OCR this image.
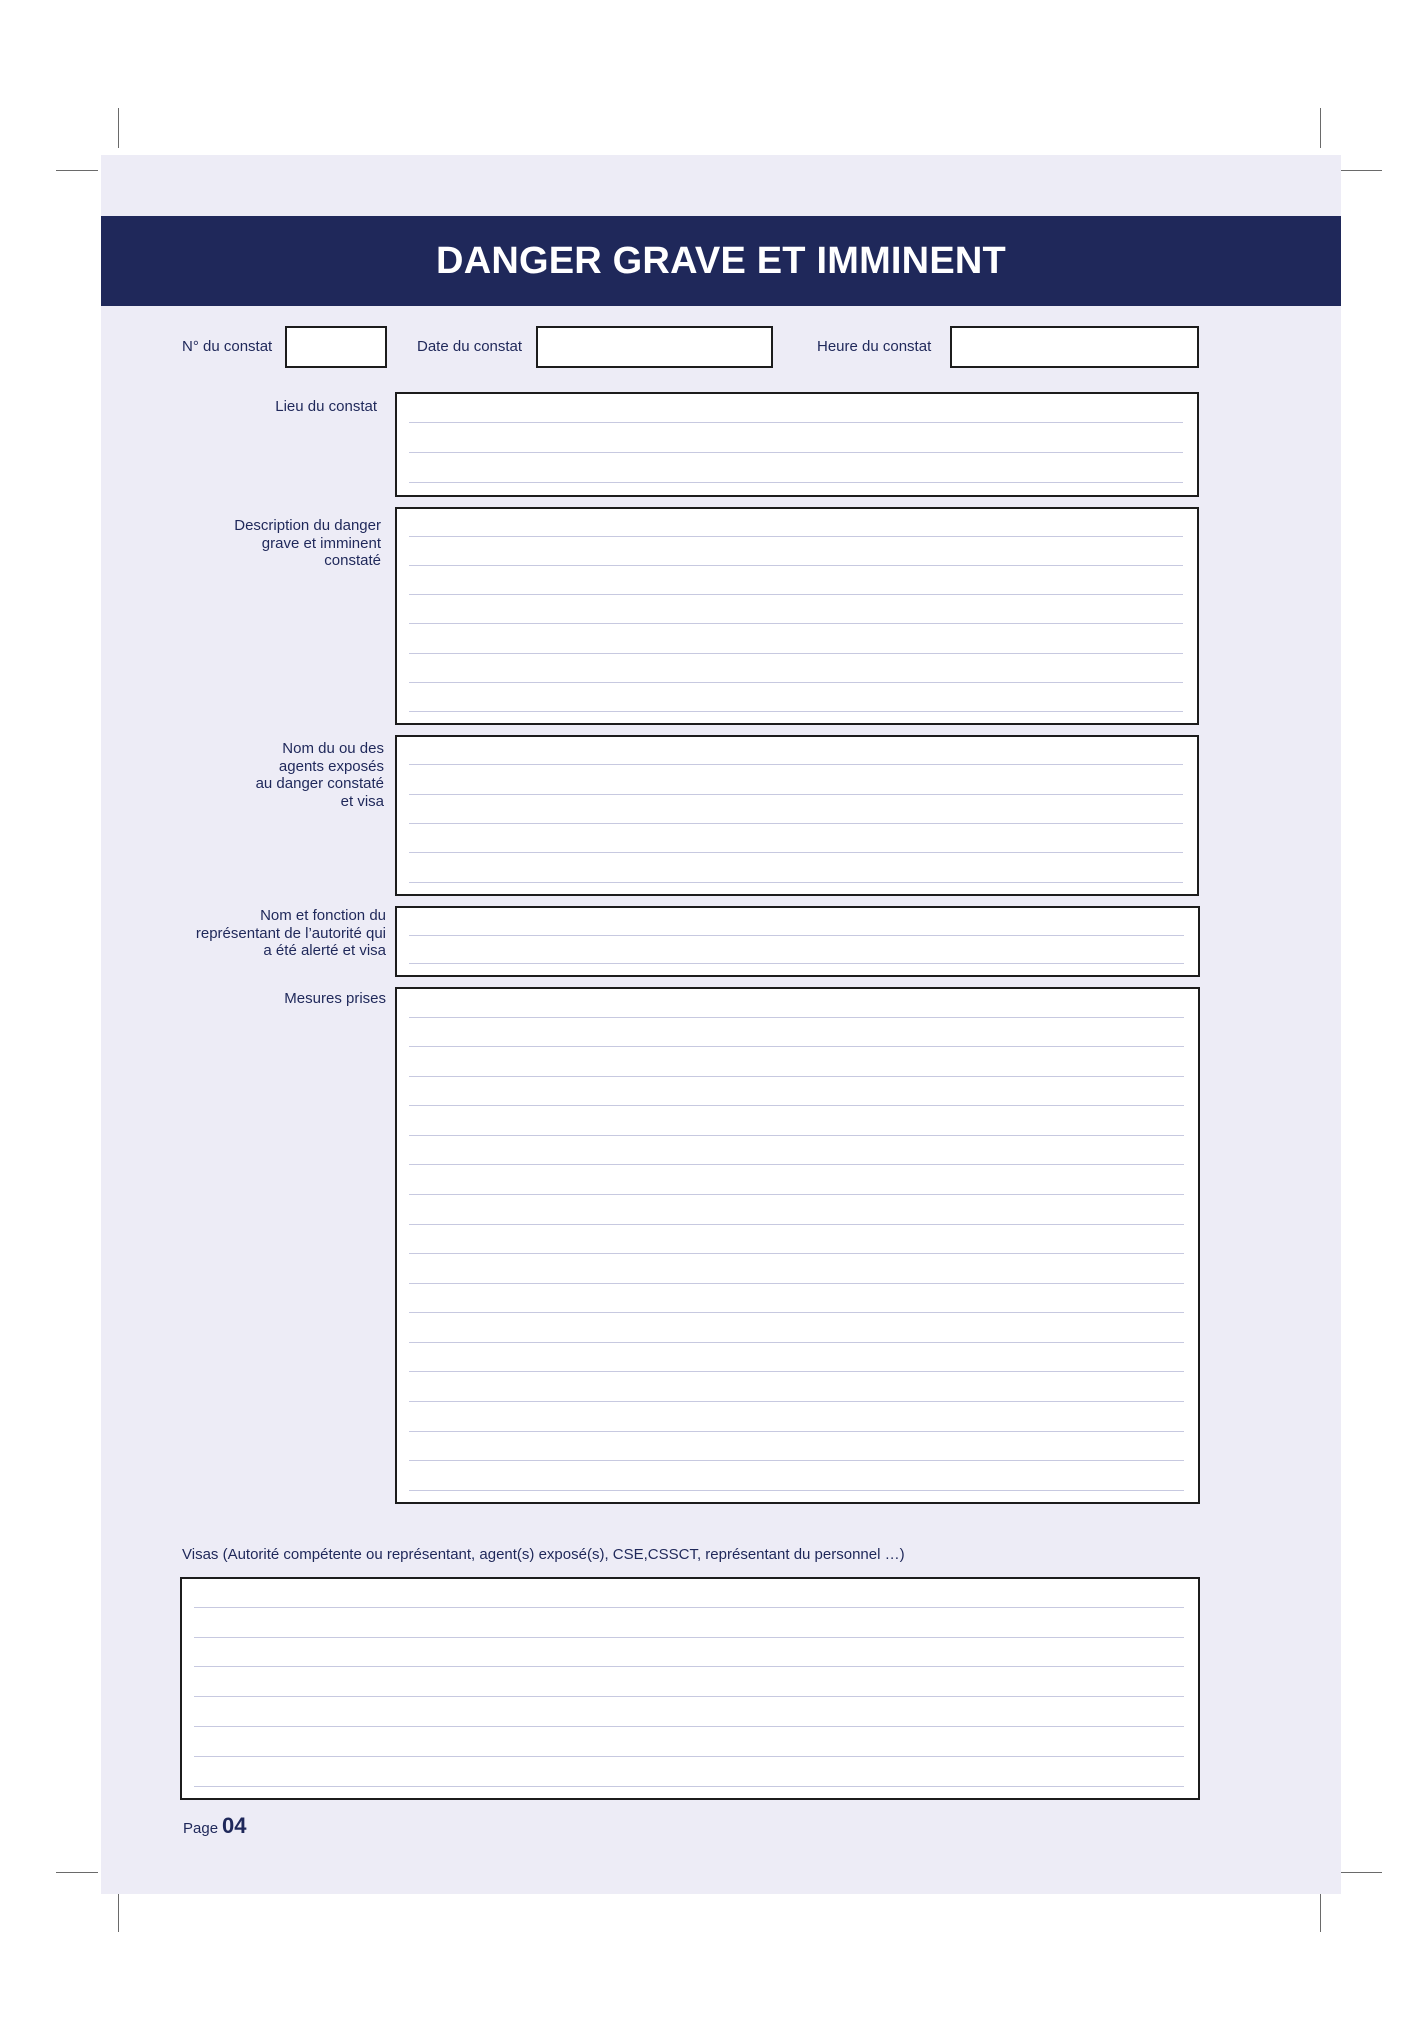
DANGER GRAVE ET IMMINENT
N° du constat	Date du constat	Heure du constat
Lieu du constat
Description du danger
grave et imminent
constaté
Nom du ou des
agents exposés
au danger constaté
et visa
Nom et fonction du
représentant de l’autorité qui
a été alerté et visa
Mesures prises
Visas (Autorité compétente ou représentant, agent(s) exposé(s), CSE,CSSCT, représentant du personnel …)
Page 04
